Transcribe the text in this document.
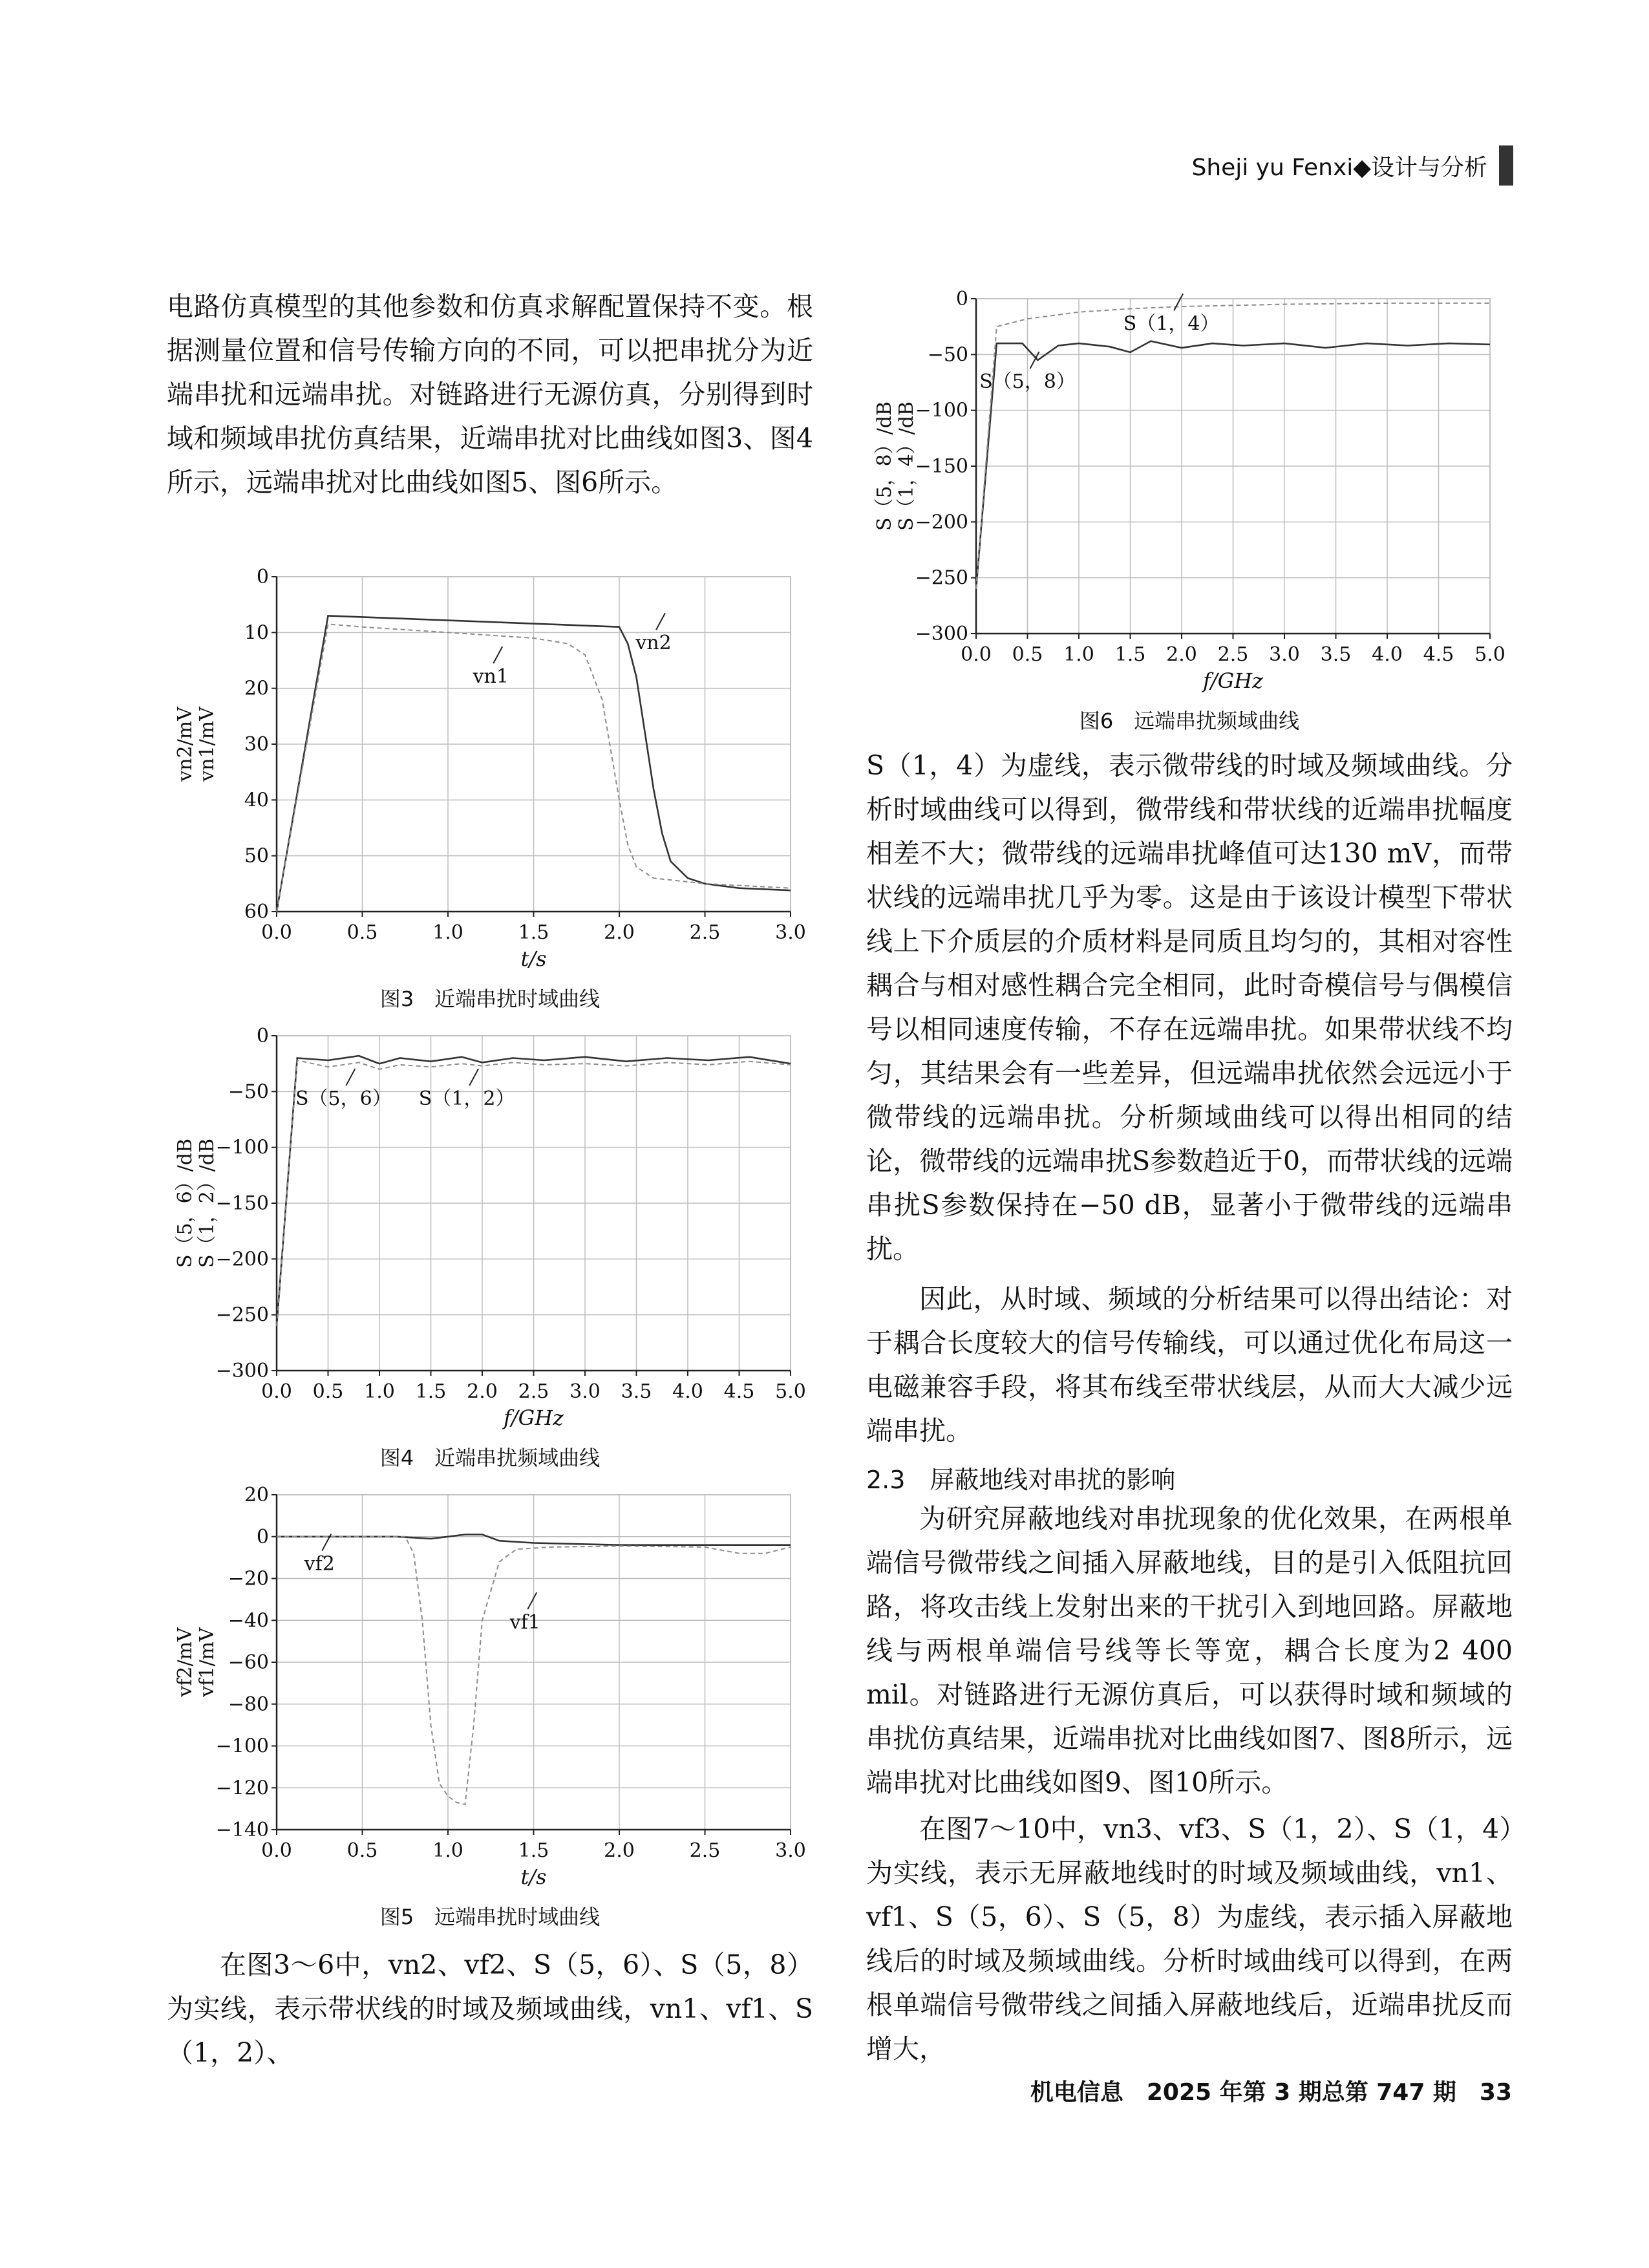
Sheji yu Fenxi◆设计与分析

电路仿真模型的其他参数和仿真求解配置保持不变。根据测量位置和信号传输方向的不同，可以把串扰分为近端串扰和远端串扰。对链路进行无源仿真，分别得到时域和频域串扰仿真结果，近端串扰对比曲线如图3、图4所示，远端串扰对比曲线如图5、图6所示。

0.0	0.5	1.0	1.5	2.0	2.5	3.0
0
10
20
30
40
50
60
t/s
vn2/mV vn1/mV
vn1
vn2
图3　近端串扰时域曲线
0.0 0.5 1.0 1.5 2.0 2.5 3.0 3.5 4.0 4.5 5.0
0
−50
−100
−150
−200
−250
−300
f/GHz
S（5，6）/dB S（1，2）/dB
S（5，6） S（1，2）
图4　近端串扰频域曲线
0.0	0.5	1.0	1.5	2.0	2.5	3.0
20
0
−20
−40
−60
−80
−100
−120
−140
t/s
vf2/mV vf1/mV
vf2
vf1
图5　远端串扰时域曲线

在图3～6中，vn2、vf2、S（5，6）、S（5，8）为实线，表示带状线的时域及频域曲线，vn1、vf1、S（1，2）、

0.0 0.5 1.0 1.5 2.0 2.5 3.0 3.5 4.0 4.5 5.0
0
−50
−100
−150
−200
−250
−300
f/GHz
S（5，8）/dB S（1，4）/dB
S（1，4）
S（5，8）
图6　远端串扰频域曲线

S（1，4）为虚线，表示微带线的时域及频域曲线。分析时域曲线可以得到，微带线和带状线的近端串扰幅度相差不大；微带线的远端串扰峰值可达130 mV，而带状线的远端串扰几乎为零。这是由于该设计模型下带状线上下介质层的介质材料是同质且均匀的，其相对容性耦合与相对感性耦合完全相同，此时奇模信号与偶模信号以相同速度传输，不存在远端串扰。如果带状线不均匀，其结果会有一些差异，但远端串扰依然会远远小于微带线的远端串扰。分析频域曲线可以得出相同的结论，微带线的远端串扰S参数趋近于0，而带状线的远端串扰S参数保持在−50 dB，显著小于微带线的远端串扰。

因此，从时域、频域的分析结果可以得出结论：对于耦合长度较大的信号传输线，可以通过优化布局这一电磁兼容手段，将其布线至带状线层，从而大大减少远端串扰。

2.3　屏蔽地线对串扰的影响

为研究屏蔽地线对串扰现象的优化效果，在两根单端信号微带线之间插入屏蔽地线，目的是引入低阻抗回路，将攻击线上发射出来的干扰引入到地回路。屏蔽地线与两根单端信号线等长等宽，耦合长度为2 400 mil。对链路进行无源仿真后，可以获得时域和频域的串扰仿真结果，近端串扰对比曲线如图7、图8所示，远端串扰对比曲线如图9、图10所示。

在图7～10中，vn3、vf3、S（1，2）、S（1，4）为实线，表示无屏蔽地线时的时域及频域曲线，vn1、vf1、S（5，6）、S（5，8）为虚线，表示插入屏蔽地线后的时域及频域曲线。分析时域曲线可以得到，在两根单端信号微带线之间插入屏蔽地线后，近端串扰反而增大，

机电信息　2025 年第 3 期总第 747 期　33
